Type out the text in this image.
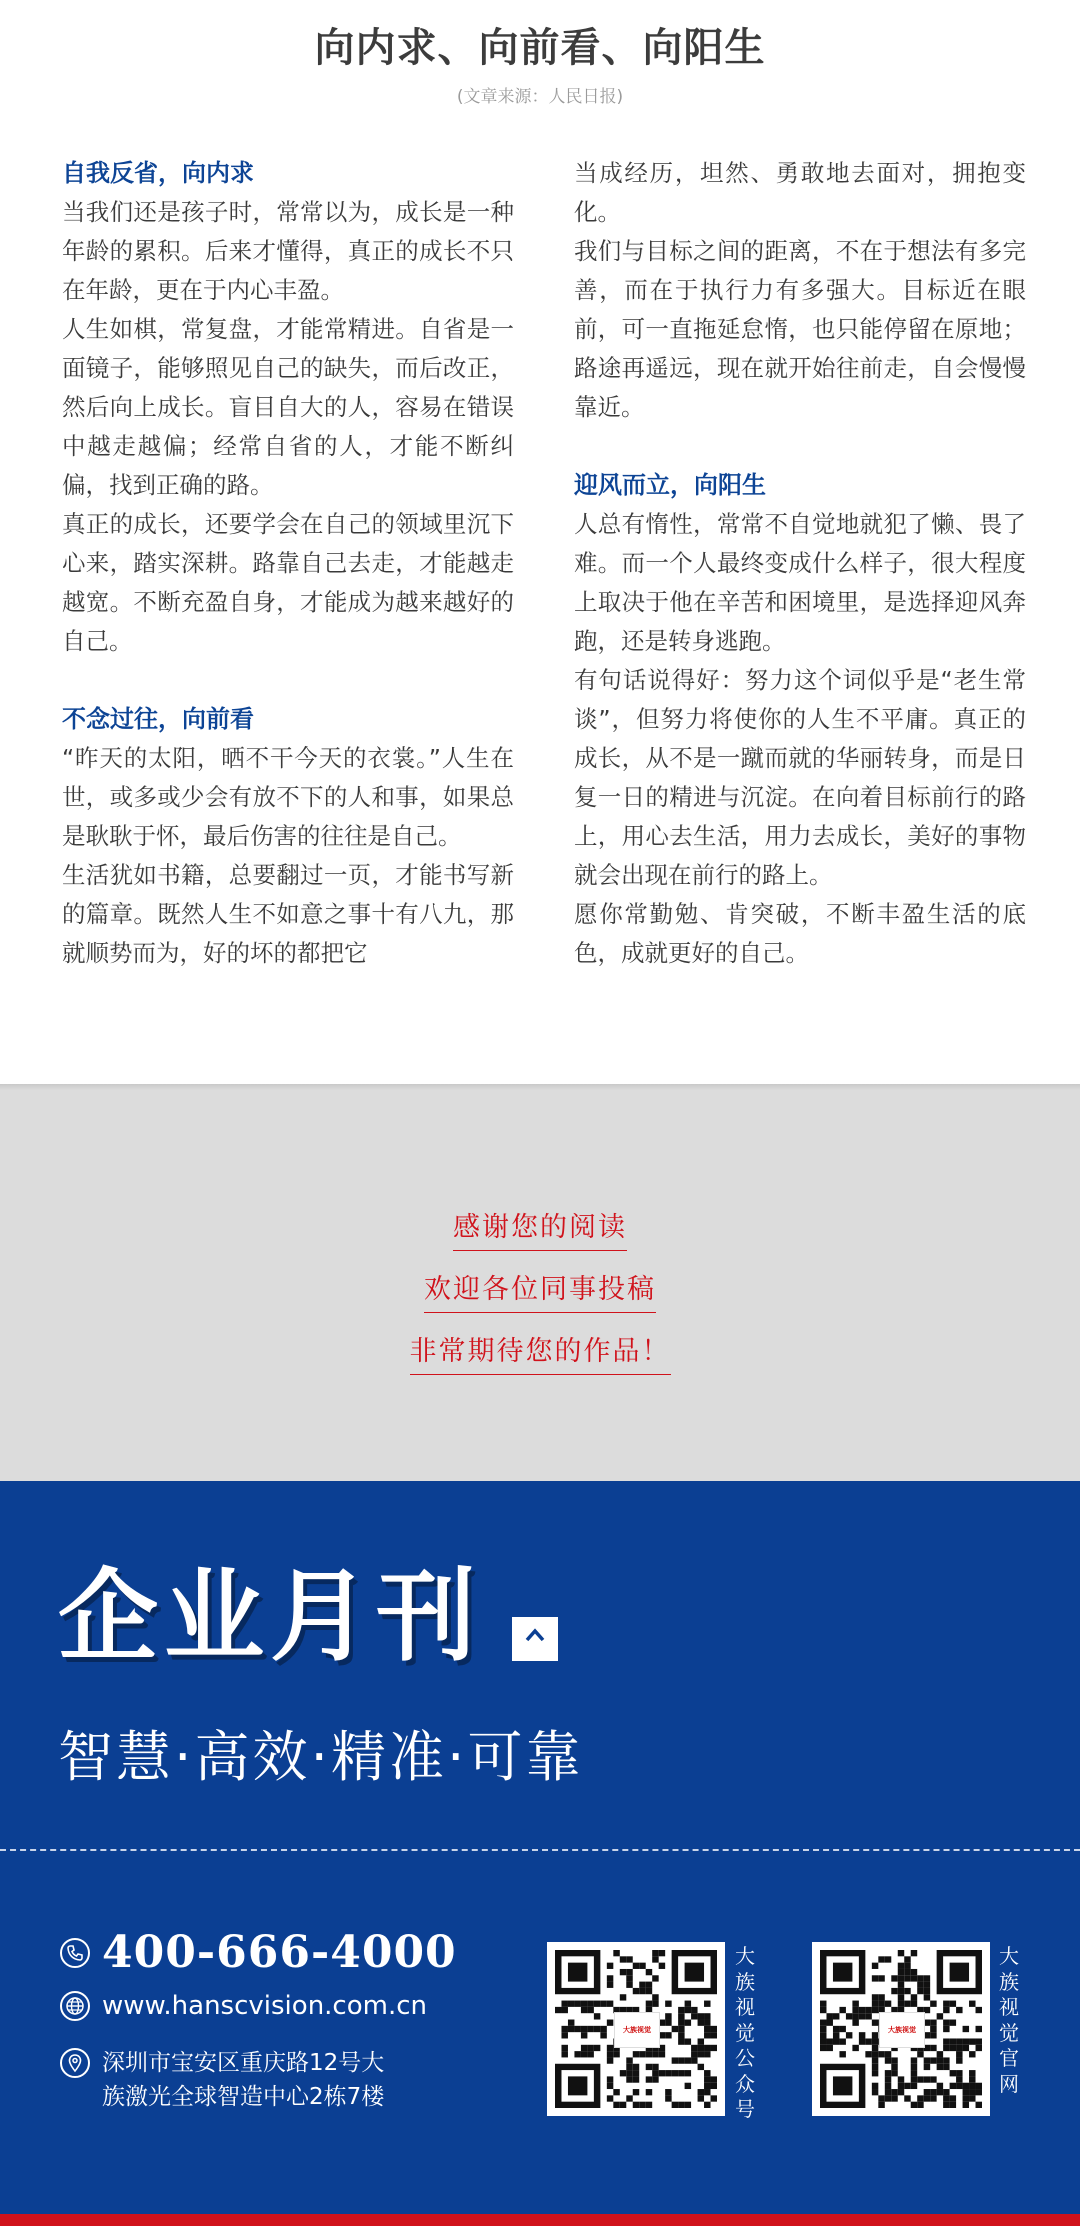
向内求、向前看、向阳生
(文章来源：人民日报)
自我反省，向内求

当我们还是孩子时，常常以为，成长是一种年龄的累积。后来才懂得，真正的成长不只在年龄，更在于内心丰盈。

人生如棋，常复盘，才能常精进。自省是一面镜子，能够照见自己的缺失，而后改正，然后向上成长。盲目自大的人，容易在错误中越走越偏；经常自省的人，才能不断纠偏，找到正确的路。

真正的成长，还要学会在自己的领域里沉下心来，踏实深耕。路靠自己去走，才能越走越宽。不断充盈自身，才能成为越来越好的自己。

不念过往，向前看

“昨天的太阳，晒不干今天的衣裳。”人生在世，或多或少会有放不下的人和事，如果总是耿耿于怀，最后伤害的往往是自己。

生活犹如书籍，总要翻过一页，才能书写新的篇章。既然人生不如意之事十有八九，那就顺势而为，好的坏的都把它

当成经历，坦然、勇敢地去面对，拥抱变化。

我们与目标之间的距离，不在于想法有多完善，而在于执行力有多强大。目标近在眼前，可一直拖延怠惰，也只能停留在原地；路途再遥远，现在就开始往前走，自会慢慢靠近。

迎风而立，向阳生

人总有惰性，常常不自觉地就犯了懒、畏了难。而一个人最终变成什么样子，很大程度上取决于他在辛苦和困境里，是选择迎风奔跑，还是转身逃跑。

有句话说得好：努力这个词似乎是“老生常谈”，但努力将使你的人生不平庸。真正的成长，从不是一蹴而就的华丽转身，而是日复一日的精进与沉淀。在向着目标前行的路上，用心去生活，用力去成长，美好的事物就会出现在前行的路上。

愿你常勤勉、肯突破，不断丰盈生活的底色，成就更好的自己。

感谢您的阅读
欢迎各位同事投稿
非常期待您的作品！
企业月刊
智慧·高效·精准·可靠
400-666-4000
www.hanscvision.com.cn
深圳市宝安区重庆路12号大
族激光全球智造中心2栋7楼
大族视觉
大族视觉公众号
大族视觉
大族视觉官网
